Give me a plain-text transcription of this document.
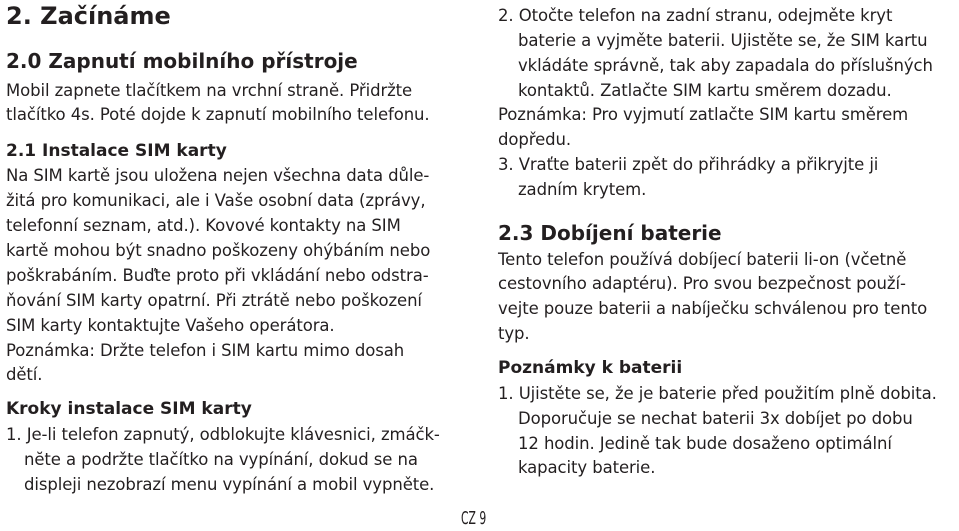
2. Začínáme
2.0 Zapnutí mobilního přístroje
Mobil zapnete tlačítkem na vrchní straně. Přidržte
tlačítko 4s. Poté dojde k zapnutí mobilního telefonu.
2.1 Instalace SIM karty
Na SIM kartě jsou uložena nejen všechna data důle-
žitá pro komunikaci, ale i Vaše osobní data (zprávy,
telefonní seznam, atd.). Kovové kontakty na SIM
kartě mohou být snadno poškozeny ohýbáním nebo
poškrabáním. Buďte proto při vkládání nebo odstra-
ňování SIM karty opatrní. Při ztrátě nebo poškození
SIM karty kontaktujte Vašeho operátora.
Poznámka: Držte telefon i SIM kartu mimo dosah
dětí.
Kroky instalace SIM karty
1. Je-li telefon zapnutý, odblokujte klávesnici, zmáčk-
nĕte a podržte tlačítko na vypínání, dokud se na
displeji nezobrazí menu vypínání a mobil vypněte.
CZ 9
2. Otočte telefon na zadní stranu, odejměte kryt
baterie a vyjměte baterii. Ujistěte se, že SIM kartu
vkládáte správně, tak aby zapadala do příslušných
kontaktů. Zatlačte SIM kartu směrem dozadu.
Poznámka: Pro vyjmutí zatlačte SIM kartu směrem
dopředu.
3. Vraťte baterii zpět do přihrádky a přikryjte ji
zadním krytem.
2.3 Dobíjení baterie
Tento telefon používá dobíjecí baterii li-on (včetně
cestovního adaptéru). Pro svou bezpečnost použí-
vejte pouze baterii a nabíječku schválenou pro tento
typ.
Poznámky k baterii
1. Ujistěte se, že je baterie před použitím plně dobita.
Doporučuje se nechat baterii 3x dobíjet po dobu
12 hodin. Jedině tak bude dosaženo optimální
kapacity baterie.
